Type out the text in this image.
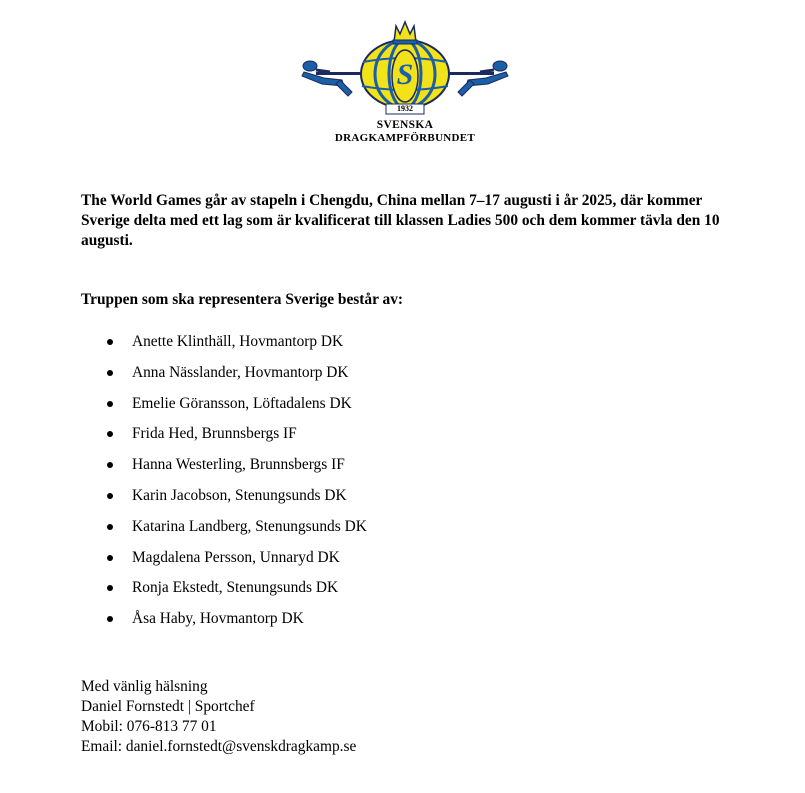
S
1932
SVENSKA
DRAGKAMPFÖRBUNDET

The World Games går av stapeln i Chengdu, China mellan 7–17 augusti i år 2025, där kommer Sverige delta med ett lag som är kvalificerat till klassen Ladies 500 och dem kommer tävla den 10 augusti.

Truppen som ska representera Sverige består av:

Anette Klinthäll, Hovmantorp DK
Anna Nässlander, Hovmantorp DK
Emelie Göransson, Löftadalens DK
Frida Hed, Brunnsbergs IF
Hanna Westerling, Brunnsbergs IF
Karin Jacobson, Stenungsunds DK
Katarina Landberg, Stenungsunds DK
Magdalena Persson, Unnaryd DK
Ronja Ekstedt, Stenungsunds DK
Åsa Haby, Hovmantorp DK
Med vänlig hälsning
Daniel Fornstedt | Sportchef
Mobil: 076-813 77 01
Email: daniel.fornstedt@svenskdragkamp.se
